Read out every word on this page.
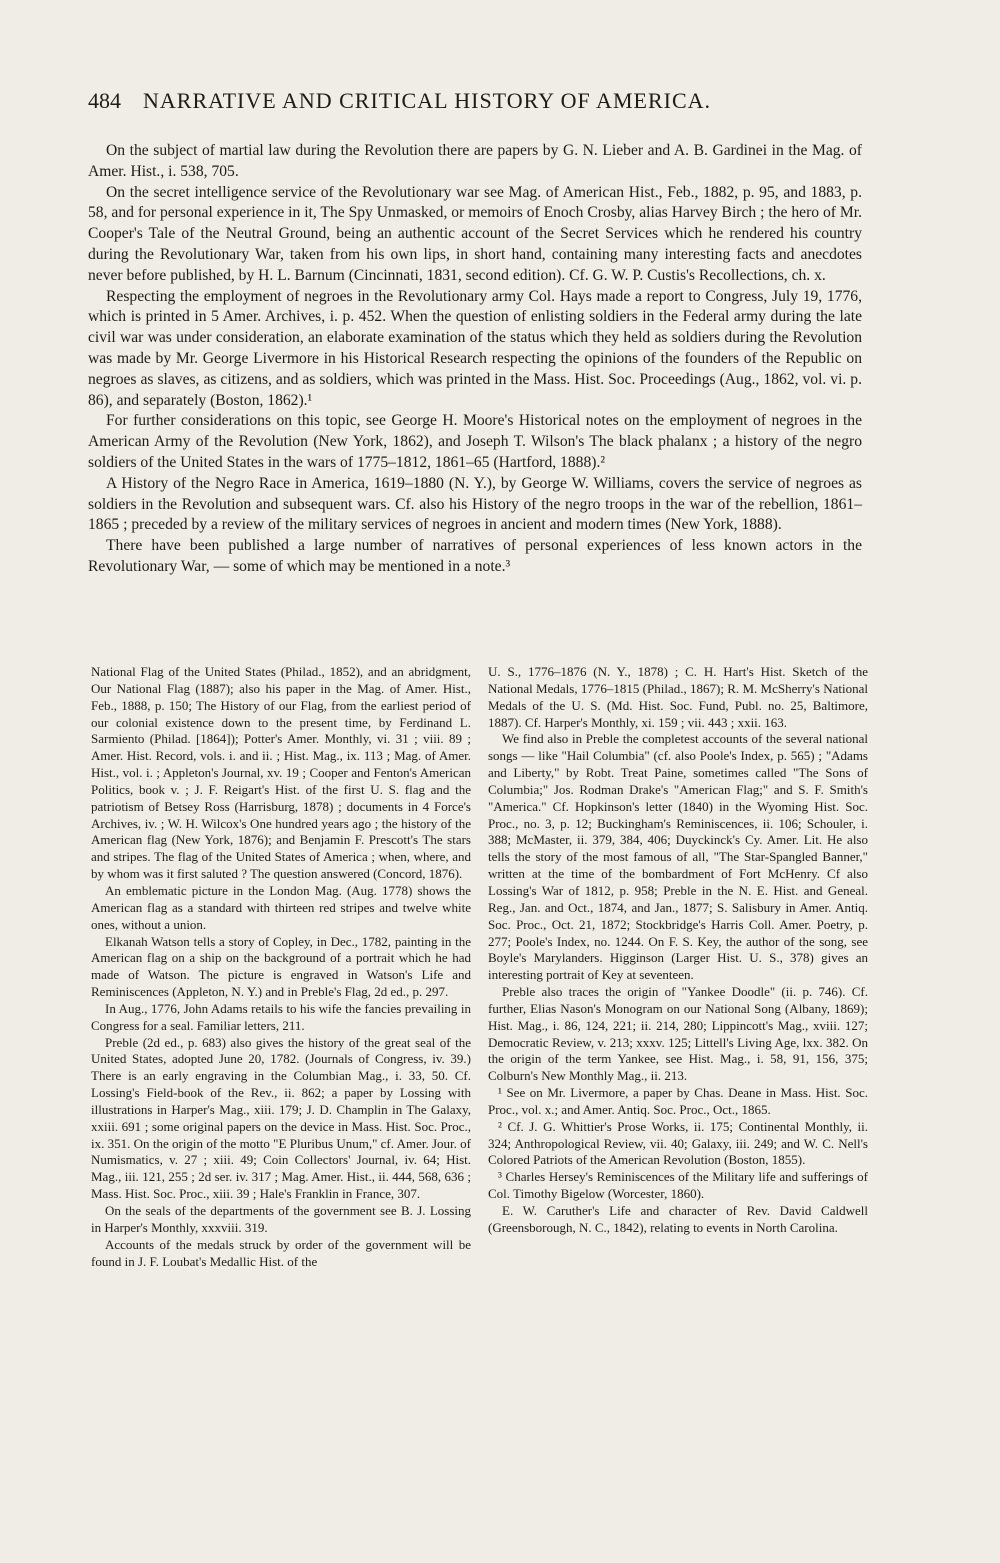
484 NARRATIVE AND CRITICAL HISTORY OF AMERICA.

On the subject of martial law during the Revolution there are papers by G. N. Lieber and A. B. Gardinei in the Mag. of Amer. Hist., i. 538, 705.

On the secret intelligence service of the Revolutionary war see Mag. of American Hist., Feb., 1882, p. 95, and 1883, p. 58, and for personal experience in it, The Spy Unmasked, or memoirs of Enoch Crosby, alias Harvey Birch ; the hero of Mr. Cooper's Tale of the Neutral Ground, being an authentic account of the Secret Services which he rendered his country during the Revolutionary War, taken from his own lips, in short hand, containing many interesting facts and anecdotes never before published, by H. L. Barnum (Cincinnati, 1831, second edition). Cf. G. W. P. Custis's Recollections, ch. x.

Respecting the employment of negroes in the Revolutionary army Col. Hays made a report to Congress, July 19, 1776, which is printed in 5 Amer. Archives, i. p. 452. When the question of enlisting soldiers in the Federal army during the late civil war was under consideration, an elaborate examination of the status which they held as soldiers during the Revolution was made by Mr. George Livermore in his Historical Research respecting the opinions of the founders of the Republic on negroes as slaves, as citizens, and as soldiers, which was printed in the Mass. Hist. Soc. Proceedings (Aug., 1862, vol. vi. p. 86), and separately (Boston, 1862).¹

For further considerations on this topic, see George H. Moore's Historical notes on the employment of negroes in the American Army of the Revolution (New York, 1862), and Joseph T. Wilson's The black phalanx ; a history of the negro soldiers of the United States in the wars of 1775–1812, 1861–65 (Hartford, 1888).²

A History of the Negro Race in America, 1619–1880 (N. Y.), by George W. Williams, covers the service of negroes as soldiers in the Revolution and subsequent wars. Cf. also his History of the negro troops in the war of the rebellion, 1861–1865 ; preceded by a review of the military services of negroes in ancient and modern times (New York, 1888).

There have been published a large number of narratives of personal experiences of less known actors in the Revolutionary War, — some of which may be mentioned in a note.³

National Flag of the United States (Philad., 1852), and an abridgment, Our National Flag (1887); also his paper in the Mag. of Amer. Hist., Feb., 1888, p. 150; The History of our Flag, from the earliest period of our colonial existence down to the present time, by Ferdinand L. Sarmiento (Philad. [1864]); Potter's Amer. Monthly, vi. 31 ; viii. 89 ; Amer. Hist. Record, vols. i. and ii. ; Hist. Mag., ix. 113 ; Mag. of Amer. Hist., vol. i. ; Appleton's Journal, xv. 19 ; Cooper and Fenton's American Politics, book v. ; J. F. Reigart's Hist. of the first U. S. flag and the patriotism of Betsey Ross (Harrisburg, 1878) ; documents in 4 Force's Archives, iv. ; W. H. Wilcox's One hundred years ago ; the history of the American flag (New York, 1876); and Benjamin F. Prescott's The stars and stripes. The flag of the United States of America ; when, where, and by whom was it first saluted ? The question answered (Concord, 1876).

An emblematic picture in the London Mag. (Aug. 1778) shows the American flag as a standard with thirteen red stripes and twelve white ones, without a union.

Elkanah Watson tells a story of Copley, in Dec., 1782, painting in the American flag on a ship on the background of a portrait which he had made of Watson. The picture is engraved in Watson's Life and Reminiscences (Appleton, N. Y.) and in Preble's Flag, 2d ed., p. 297.

In Aug., 1776, John Adams retails to his wife the fancies prevailing in Congress for a seal. Familiar letters, 211.

Preble (2d ed., p. 683) also gives the history of the great seal of the United States, adopted June 20, 1782. (Journals of Congress, iv. 39.) There is an early engraving in the Columbian Mag., i. 33, 50. Cf. Lossing's Field-book of the Rev., ii. 862; a paper by Lossing with illustrations in Harper's Mag., xiii. 179; J. D. Champlin in The Galaxy, xxiii. 691 ; some original papers on the device in Mass. Hist. Soc. Proc., ix. 351. On the origin of the motto "E Pluribus Unum," cf. Amer. Jour. of Numismatics, v. 27 ; xiii. 49; Coin Collectors' Journal, iv. 64; Hist. Mag., iii. 121, 255 ; 2d ser. iv. 317 ; Mag. Amer. Hist., ii. 444, 568, 636 ; Mass. Hist. Soc. Proc., xiii. 39 ; Hale's Franklin in France, 307.

On the seals of the departments of the government see B. J. Lossing in Harper's Monthly, xxxviii. 319.

Accounts of the medals struck by order of the government will be found in J. F. Loubat's Medallic Hist. of the

U. S., 1776–1876 (N. Y., 1878) ; C. H. Hart's Hist. Sketch of the National Medals, 1776–1815 (Philad., 1867); R. M. McSherry's National Medals of the U. S. (Md. Hist. Soc. Fund, Publ. no. 25, Baltimore, 1887). Cf. Harper's Monthly, xi. 159 ; vii. 443 ; xxii. 163.

We find also in Preble the completest accounts of the several national songs — like "Hail Columbia" (cf. also Poole's Index, p. 565) ; "Adams and Liberty," by Robt. Treat Paine, sometimes called "The Sons of Columbia;" Jos. Rodman Drake's "American Flag;" and S. F. Smith's "America." Cf. Hopkinson's letter (1840) in the Wyoming Hist. Soc. Proc., no. 3, p. 12; Buckingham's Reminiscences, ii. 106; Schouler, i. 388; McMaster, ii. 379, 384, 406; Duyckinck's Cy. Amer. Lit. He also tells the story of the most famous of all, "The Star-Spangled Banner," written at the time of the bombardment of Fort McHenry. Cf also Lossing's War of 1812, p. 958; Preble in the N. E. Hist. and Geneal. Reg., Jan. and Oct., 1874, and Jan., 1877; S. Salisbury in Amer. Antiq. Soc. Proc., Oct. 21, 1872; Stockbridge's Harris Coll. Amer. Poetry, p. 277; Poole's Index, no. 1244. On F. S. Key, the author of the song, see Boyle's Marylanders. Higginson (Larger Hist. U. S., 378) gives an interesting portrait of Key at seventeen.

Preble also traces the origin of "Yankee Doodle" (ii. p. 746). Cf. further, Elias Nason's Monogram on our National Song (Albany, 1869); Hist. Mag., i. 86, 124, 221; ii. 214, 280; Lippincott's Mag., xviii. 127; Democratic Review, v. 213; xxxv. 125; Littell's Living Age, lxx. 382. On the origin of the term Yankee, see Hist. Mag., i. 58, 91, 156, 375; Colburn's New Monthly Mag., ii. 213.

¹ See on Mr. Livermore, a paper by Chas. Deane in Mass. Hist. Soc. Proc., vol. x.; and Amer. Antiq. Soc. Proc., Oct., 1865.

² Cf. J. G. Whittier's Prose Works, ii. 175; Continental Monthly, ii. 324; Anthropological Review, vii. 40; Galaxy, iii. 249; and W. C. Nell's Colored Patriots of the American Revolution (Boston, 1855).

³ Charles Hersey's Reminiscences of the Military life and sufferings of Col. Timothy Bigelow (Worcester, 1860).

E. W. Caruther's Life and character of Rev. David Caldwell (Greensborough, N. C., 1842), relating to events in North Carolina.
